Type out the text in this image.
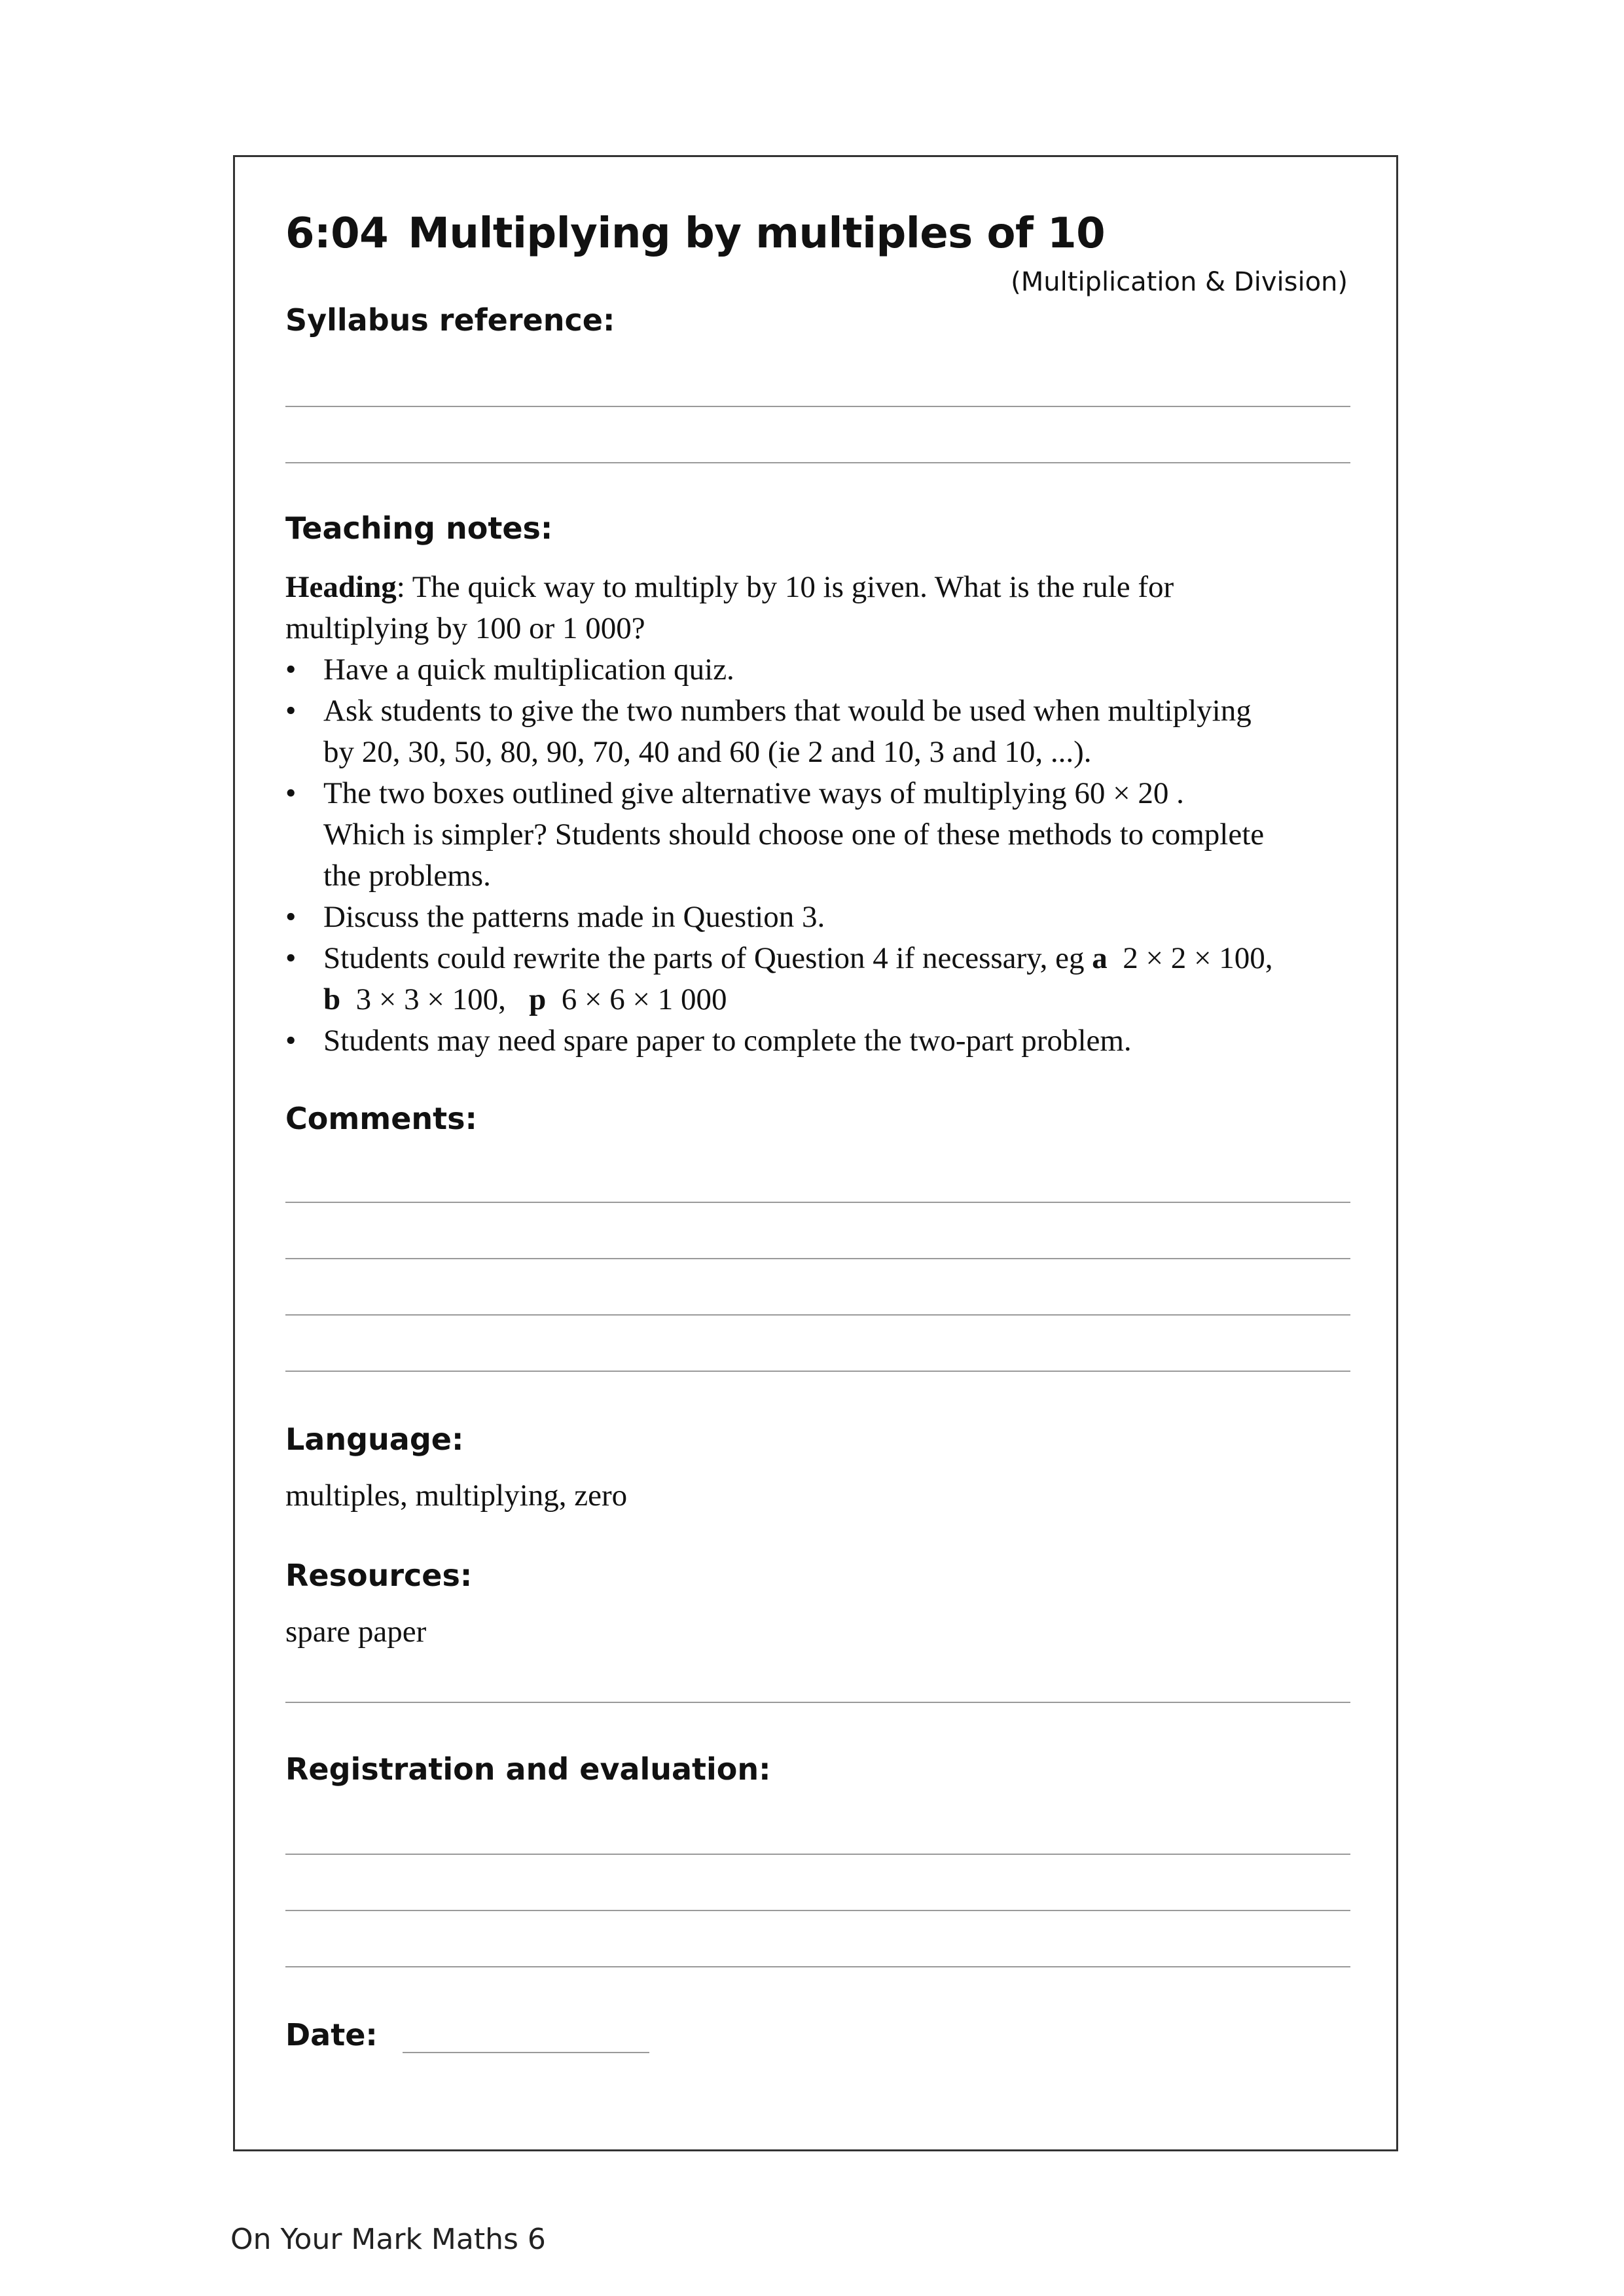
6:04 Multiplying by multiples of 10
(Multiplication & Division)
Syllabus reference:
Teaching notes:

Heading: The quick way to multiply by 10 is given. What is the rule for

multiplying by 100 or 1 000?

• Have a quick multiplication quiz.
• Ask students to give the two numbers that would be used when multiplying
by 20, 30, 50, 80, 90, 70, 40 and 60 (ie 2 and 10, 3 and 10, ...).
• The two boxes outlined give alternative ways of multiplying 60 × 20 .
Which is simpler? Students should choose one of these methods to complete
the problems.
• Discuss the patterns made in Question 3.
• Students could rewrite the parts of Question 4 if necessary, eg a  2 × 2 × 100,
b  3 × 3 × 100,   p  6 × 6 × 1 000
• Students may need spare paper to complete the two-part problem.
Comments:
Language:
multiples, multiplying, zero
Resources:
spare paper
Registration and evaluation:
Date:
On Your Mark Maths 6
